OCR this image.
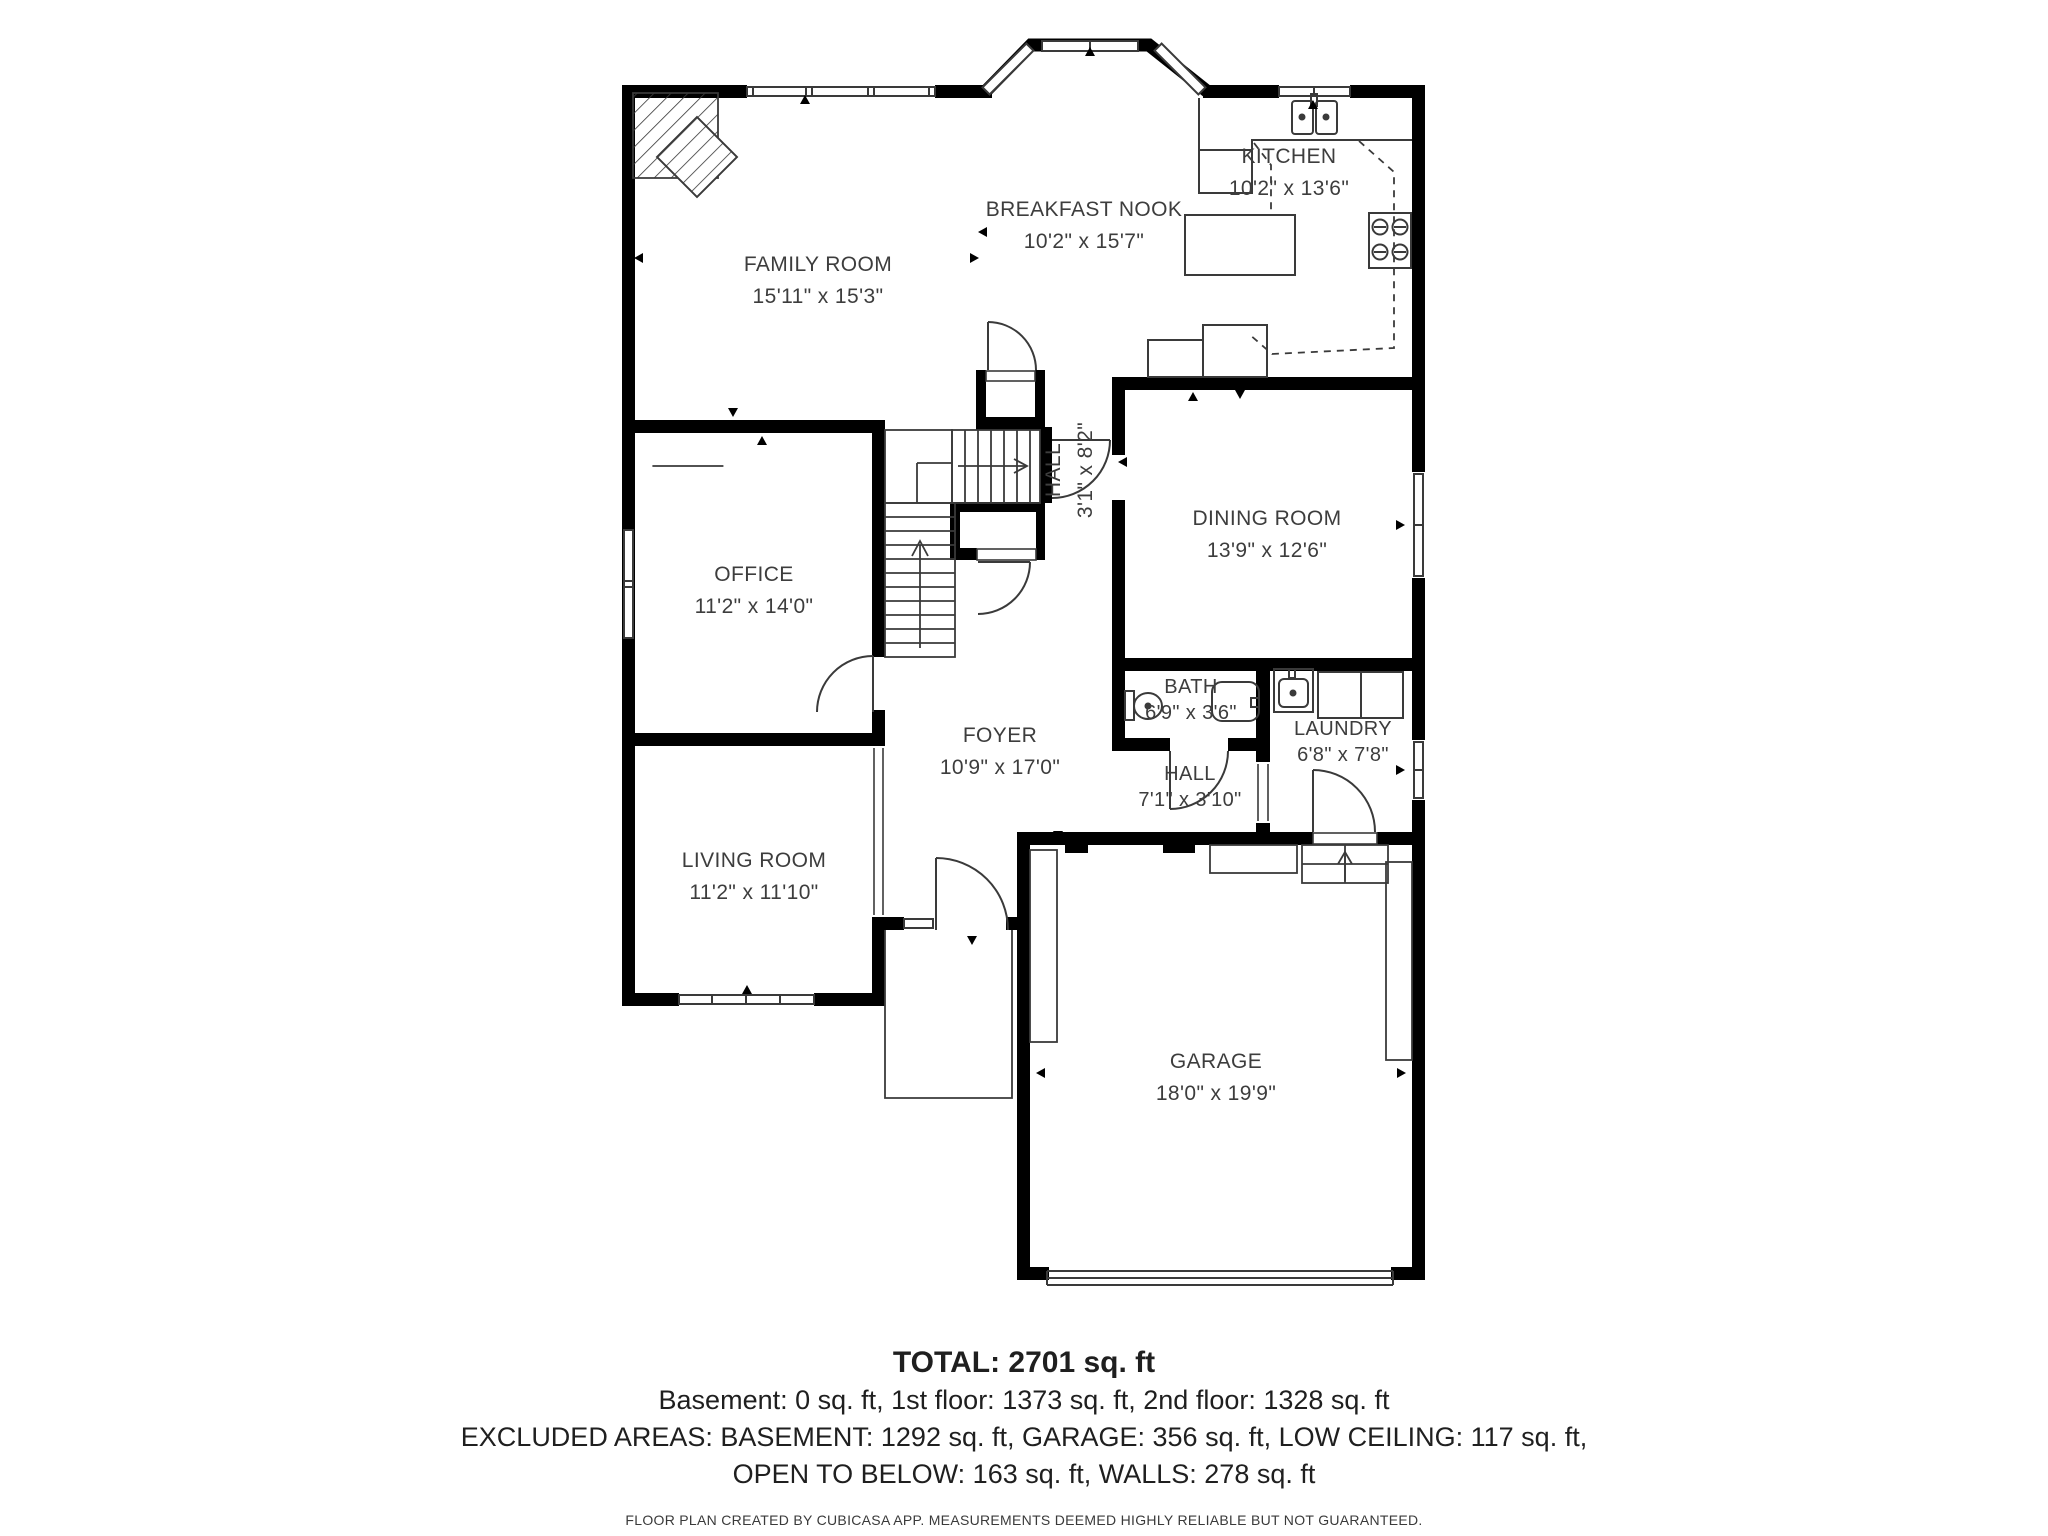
FAMILY ROOM
15'11" x 15'3"
BREAKFAST NOOK
10'2" x 15'7"
KITCHEN
10'2" x 13'6"
HALL 3'1" x 8'2"
DINING ROOM
13'9" x 12'6"
OFFICE
11'2" x 14'0"
FOYER
10'9" x 17'0"
BATH
6'9" x 3'6"
LAUNDRY
6'8" x 7'8"
HALL
7'1" x 3'10"
LIVING ROOM
11'2" x 11'10"
GARAGE
18'0" x 19'9"
TOTAL: 2701 sq. ft
Basement: 0 sq. ft, 1st floor: 1373 sq. ft, 2nd floor: 1328 sq. ft
EXCLUDED AREAS: BASEMENT: 1292 sq. ft, GARAGE: 356 sq. ft, LOW CEILING: 117 sq. ft,
OPEN TO BELOW: 163 sq. ft, WALLS: 278 sq. ft
FLOOR PLAN CREATED BY CUBICASA APP. MEASUREMENTS DEEMED HIGHLY RELIABLE BUT NOT GUARANTEED.
